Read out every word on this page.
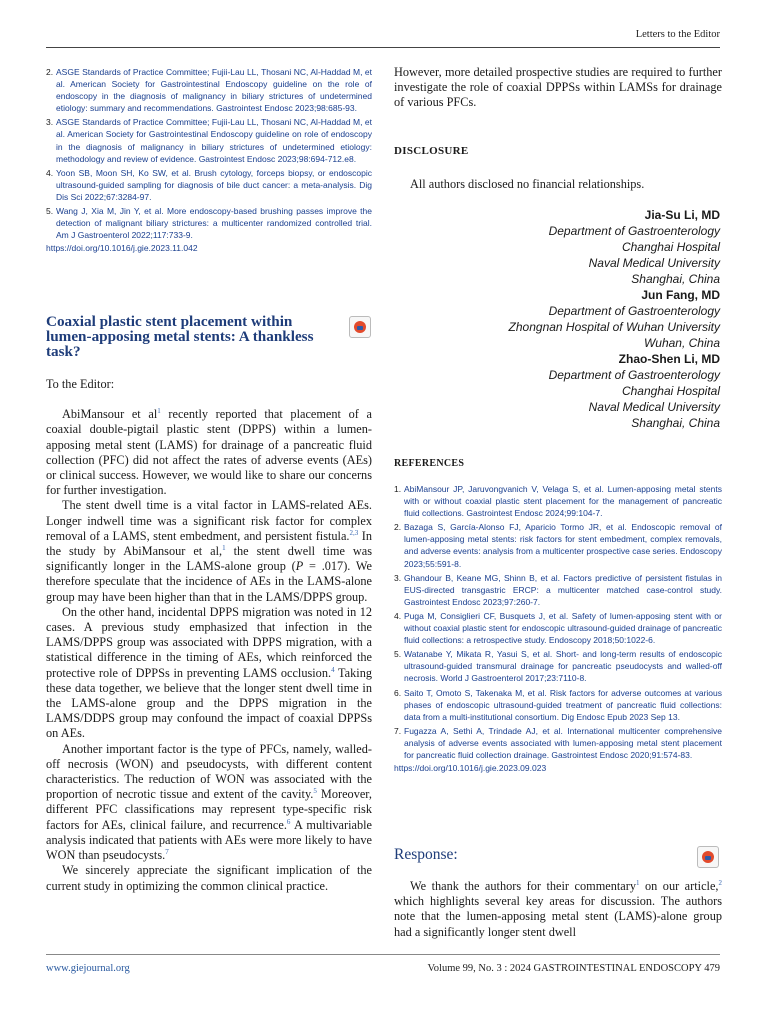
Letters to the Editor
2. ASGE Standards of Practice Committee; Fujii-Lau LL, Thosani NC, Al-Haddad M, et al. American Society for Gastrointestinal Endoscopy guideline on the role of endoscopy in the diagnosis of malignancy in biliary strictures of undetermined etiology: summary and recommendations. Gastrointest Endosc 2023;98:685-93.
3. ASGE Standards of Practice Committee; Fujii-Lau LL, Thosani NC, Al-Haddad M, et al. American Society for Gastrointestinal Endoscopy guideline on role of endoscopy in the diagnosis of malignancy in biliary strictures of undetermined etiology: methodology and review of evidence. Gastrointest Endosc 2023;98:694-712.e8.
4. Yoon SB, Moon SH, Ko SW, et al. Brush cytology, forceps biopsy, or endoscopic ultrasound-guided sampling for diagnosis of bile duct cancer: a meta-analysis. Dig Dis Sci 2022;67:3284-97.
5. Wang J, Xia M, Jin Y, et al. More endoscopy-based brushing passes improve the detection of malignant biliary strictures: a multicenter randomized controlled trial. Am J Gastroenterol 2022;117:733-9.
https://doi.org/10.1016/j.gie.2023.11.042
Coaxial plastic stent placement within lumen-apposing metal stents: A thankless task?

To the Editor:

AbiMansour et $al^1$ recently reported that placement of a coaxial double-pigtail plastic stent (DPPS) within a lumen-apposing metal stent (LAMS) for drainage of a pancreatic fluid collection (PFC) did not affect the rates of adverse events (AEs) or clinical success. However, we would like to share our concerns for further investigation.

The stent dwell time is a vital factor in LAMS-related AEs. Longer indwell time was a significant risk factor for complex removal of a LAMS, stent embedment, and persistent fistula.$^{2,3}$ In the study by AbiMansour et al,$^1$ the stent dwell time was significantly longer in the LAMS-alone group (P = .017). We therefore speculate that the incidence of AEs in the LAMS-alone group may have been higher than that in the LAMS/DPPS group.

On the other hand, incidental DPPS migration was noted in 12 cases. A previous study emphasized that infection in the LAMS/DPPS group was associated with DPPS migration, with a statistical difference in the timing of AEs, which reinforced the protective role of DPPSs in preventing LAMS occlusion.$^4$ Taking these data together, we believe that the longer stent dwell time in the LAMS-alone group and the DPPS migration in the LAMS/DDPS group may confound the impact of coaxial DPPSs on AEs.

Another important factor is the type of PFCs, namely, walled-off necrosis (WON) and pseudocysts, with different content characteristics. The reduction of WON was associated with the proportion of necrotic tissue and extent of the cavity.$^5$ Moreover, different PFC classifications may represent type-specific risk factors for AEs, clinical failure, and recurrence.$^6$ A multivariable analysis indicated that patients with AEs were more likely to have WON than pseudocysts.$^7$

We sincerely appreciate the significant implication of the current study in optimizing the common clinical practice.

However, more detailed prospective studies are required to further investigate the role of coaxial DPPSs within LAMSs for drainage of various PFCs.

DISCLOSURE
All authors disclosed no financial relationships.
Jia-Su Li, MD
Department of Gastroenterology
Changhai Hospital
Naval Medical University
Shanghai, China
Jun Fang, MD
Department of Gastroenterology
Zhongnan Hospital of Wuhan University
Wuhan, China
Zhao-Shen Li, MD
Department of Gastroenterology
Changhai Hospital
Naval Medical University
Shanghai, China
REFERENCES
1. AbiMansour JP, Jaruvongvanich V, Velaga S, et al. Lumen-apposing metal stents with or without coaxial plastic stent placement for the management of pancreatic fluid collections. Gastrointest Endosc 2024;99:104-7.
2. Bazaga S, García-Alonso FJ, Aparicio Tormo JR, et al. Endoscopic removal of lumen-apposing metal stents: risk factors for stent embedment, complex removals, and adverse events: analysis from a multicenter prospective case series. Endoscopy 2023;55:591-8.
3. Ghandour B, Keane MG, Shinn B, et al. Factors predictive of persistent fistulas in EUS-directed transgastric ERCP: a multicenter matched case-control study. Gastrointest Endosc 2023;97:260-7.
4. Puga M, Consiglieri CF, Busquets J, et al. Safety of lumen-apposing stent with or without coaxial plastic stent for endoscopic ultrasound-guided drainage of pancreatic fluid collections: a retrospective study. Endoscopy 2018;50:1022-6.
5. Watanabe Y, Mikata R, Yasui S, et al. Short- and long-term results of endoscopic ultrasound-guided transmural drainage for pancreatic pseudocysts and walled-off necrosis. World J Gastroenterol 2017;23:7110-8.
6. Saito T, Omoto S, Takenaka M, et al. Risk factors for adverse outcomes at various phases of endoscopic ultrasound-guided treatment of pancreatic fluid collections: data from a multi-institutional consortium. Dig Endosc Epub 2023 Sep 13.
7. Fugazza A, Sethi A, Trindade AJ, et al. International multicenter comprehensive analysis of adverse events associated with lumen-apposing metal stent placement for pancreatic fluid collection drainage. Gastrointest Endosc 2020;91:574-83.
https://doi.org/10.1016/j.gie.2023.09.023
Response:

We thank the authors for their commentary$^1$ on our article,$^2$ which highlights several key areas for discussion. The authors note that the lumen-apposing metal stent (LAMS)-alone group had a significantly longer stent dwell

www.giejournal.org	Volume 99, No. 3 : 2024 GASTROINTESTINAL ENDOSCOPY 479
